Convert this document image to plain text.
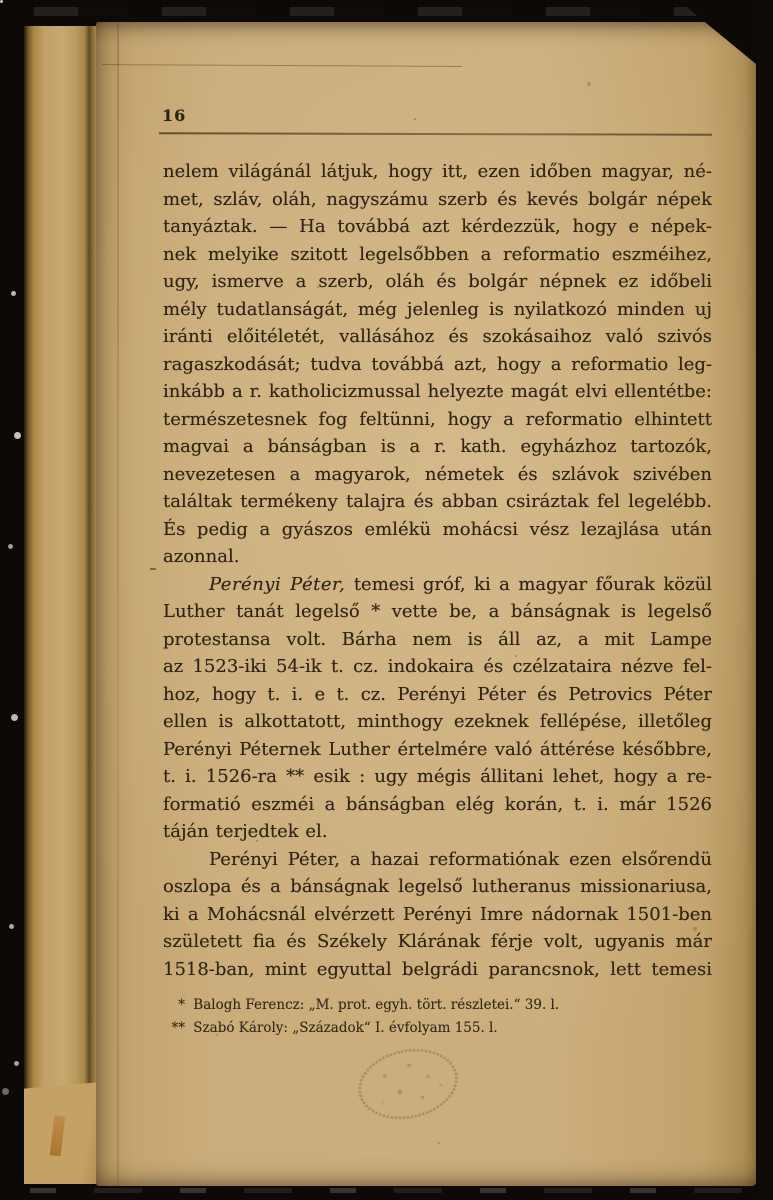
16
nelem világánál látjuk, hogy itt, ezen időben magyar, né-
met, szláv, oláh, nagyszámu szerb és kevés bolgár népek
tanyáztak. — Ha továbbá azt kérdezzük, hogy e népek-
nek melyike szitott legelsőbben a reformatio eszméihez,
ugy, ismerve a szerb, oláh és bolgár népnek ez időbeli
mély tudatlanságát, még jelenleg is nyilatkozó minden uj
iránti előitéletét, vallásához és szokásaihoz való szivós
ragaszkodását; tudva továbbá azt, hogy a reformatio leg-
inkább a r. katholicizmussal helyezte magát elvi ellentétbe:
természetesnek fog feltünni, hogy a reformatio elhintett
magvai a bánságban is a r. kath. egyházhoz tartozók,
nevezetesen a magyarok, németek és szlávok szivében
találtak termékeny talajra és abban csiráztak fel legelébb.
És pedig a gyászos emlékü mohácsi vész lezajlása után
azonnal.
Perényi Péter, temesi gróf, ki a magyar főurak közül
Luther tanát legelső * vette be, a bánságnak is legelső
protestansa volt. Bárha nem is áll az, a mit Lampe
az 1523-iki 54-ik t. cz. indokaira és czélzataira nézve fel-
hoz, hogy t. i. e t. cz. Perényi Péter és Petrovics Péter
ellen is alkottatott, minthogy ezeknek fellépése, illetőleg
Perényi Péternek Luther értelmére való áttérése későbbre,
t. i. 1526-ra ** esik : ugy mégis állitani lehet, hogy a re-
formatió eszméi a bánságban elég korán, t. i. már 1526
táján terjedtek el.
Perényi Péter, a hazai reformatiónak ezen elsőrendü
oszlopa és a bánságnak legelső lutheranus missionariusa,
ki a Mohácsnál elvérzett Perényi Imre nádornak 1501-ben
született fia és Székely Klárának férje volt, ugyanis már
1518-ban, mint egyuttal belgrádi parancsnok, lett temesi
* Balogh Ferencz: „M. prot. egyh. tört. részletei.“ 39. l.
** Szabó Károly: „Századok“ I. évfolyam 155. l.
